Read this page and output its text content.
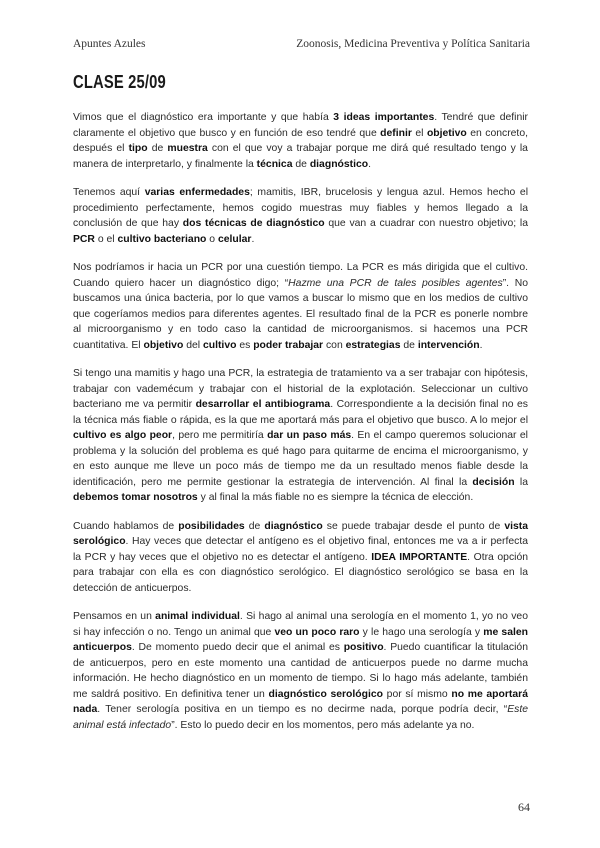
Apuntes Azules	Zoonosis, Medicina Preventiva y Política Sanitaria
CLASE 25/09

Vimos que el diagnóstico era importante y que había 3 ideas importantes. Tendré que definir claramente el objetivo que busco y en función de eso tendré que definir el objetivo en concreto, después el tipo de muestra con el que voy a trabajar porque me dirá qué resultado tengo y la manera de interpretarlo, y finalmente la técnica de diagnóstico.

Tenemos aquí varias enfermedades; mamitis, IBR, brucelosis y lengua azul. Hemos hecho el procedimiento perfectamente, hemos cogido muestras muy fiables y hemos llegado a la conclusión de que hay dos técnicas de diagnóstico que van a cuadrar con nuestro objetivo; la PCR o el cultivo bacteriano o celular.

Nos podríamos ir hacia un PCR por una cuestión tiempo. La PCR es más dirigida que el cultivo. Cuando quiero hacer un diagnóstico digo; “Hazme una PCR de tales posibles agentes”. No buscamos una única bacteria, por lo que vamos a buscar lo mismo que en los medios de cultivo que cogeríamos medios para diferentes agentes. El resultado final de la PCR es ponerle nombre al microorganismo y en todo caso la cantidad de microorganismos. si hacemos una PCR cuantitativa. El objetivo del cultivo es poder trabajar con estrategias de intervención.

Si tengo una mamitis y hago una PCR, la estrategia de tratamiento va a ser trabajar con hipótesis, trabajar con vademécum y trabajar con el historial de la explotación. Seleccionar un cultivo bacteriano me va permitir desarrollar el antibiograma. Correspondiente a la decisión final no es la técnica más fiable o rápida, es la que me aportará más para el objetivo que busco. A lo mejor el cultivo es algo peor, pero me permitiría dar un paso más. En el campo queremos solucionar el problema y la solución del problema es qué hago para quitarme de encima el microorganismo, y en esto aunque me lleve un poco más de tiempo me da un resultado menos fiable desde la identificación, pero me permite gestionar la estrategia de intervención. Al final la decisión la debemos tomar nosotros y al final la más fiable no es siempre la técnica de elección.

Cuando hablamos de posibilidades de diagnóstico se puede trabajar desde el punto de vista serológico. Hay veces que detectar el antígeno es el objetivo final, entonces me va a ir perfecta la PCR y hay veces que el objetivo no es detectar el antígeno. IDEA IMPORTANTE. Otra opción para trabajar con ella es con diagnóstico serológico. El diagnóstico serológico se basa en la detección de anticuerpos.

Pensamos en un animal individual. Si hago al animal una serología en el momento 1, yo no veo si hay infección o no. Tengo un animal que veo un poco raro y le hago una serología y me salen anticuerpos. De momento puedo decir que el animal es positivo. Puedo cuantificar la titulación de anticuerpos, pero en este momento una cantidad de anticuerpos puede no darme mucha información. He hecho diagnóstico en un momento de tiempo. Si lo hago más adelante, también me saldrá positivo. En definitiva tener un diagnóstico serológico por sí mismo no me aportará nada. Tener serología positiva en un tiempo es no decirme nada, porque podría decir, “Este animal está infectado”. Esto lo puedo decir en los momentos, pero más adelante ya no.

64
